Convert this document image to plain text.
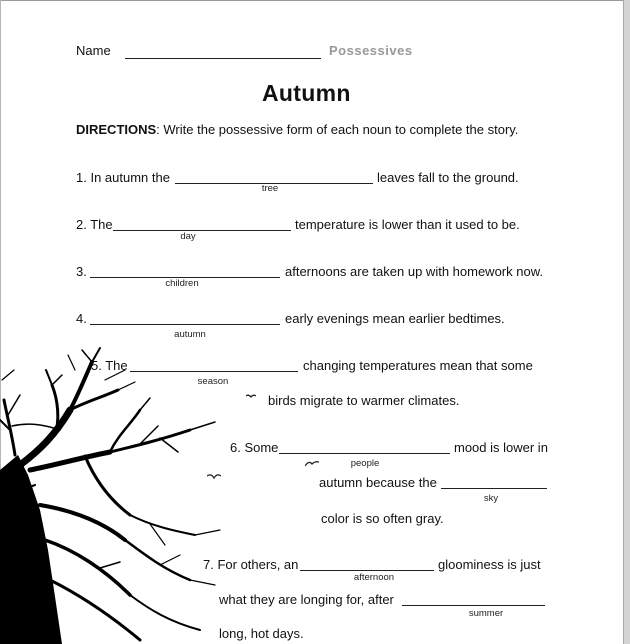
Name	Possessives
Autumn
DIRECTIONS: Write the possessive form of each noun to complete the story.
1. In autumn the
tree
leaves fall to the ground.
2. The
day
temperature is lower than it used to be.
3.
children
afternoons are taken up with homework now.
4.
autumn
early evenings mean earlier bedtimes.
5. The
season
changing temperatures mean that some
birds migrate to warmer climates.
6. Some
people
mood is lower in
autumn because the
sky
color is so often gray.
7. For others, an
afternoon
gloominess is just
what they are longing for, after
summer
long, hot days.
